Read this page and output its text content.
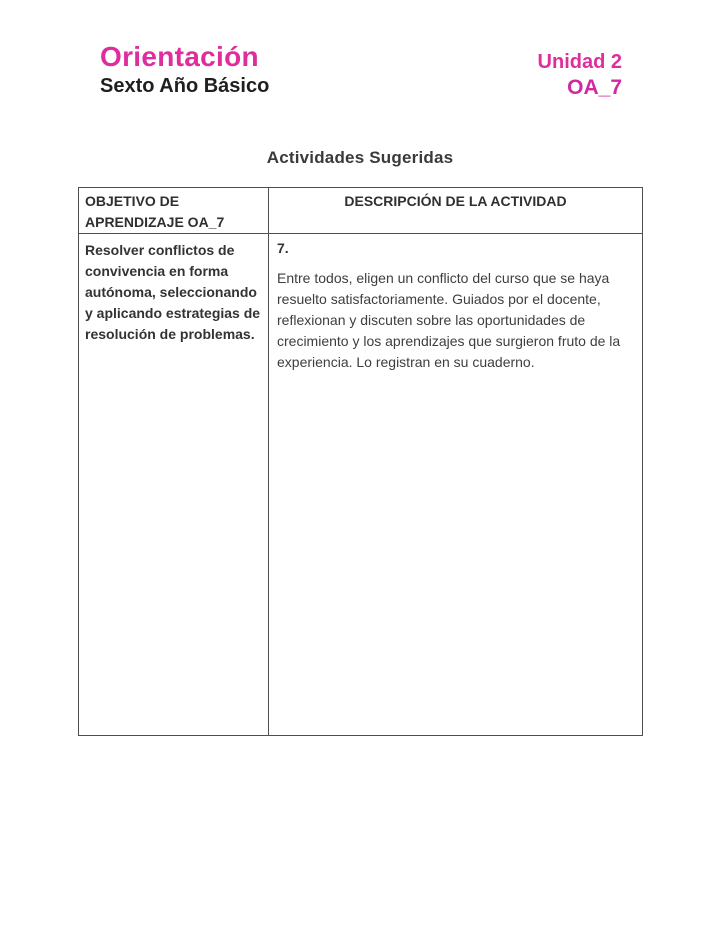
Orientación
Sexto Año Básico
Unidad 2
OA_7
Actividades Sugeridas
OBJETIVO DE APRENDIZAJE OA_7	DESCRIPCIÓN DE LA ACTIVIDAD
Resolver conflictos de convivencia en forma autónoma, seleccionando y aplicando estrategias de resolución de problemas.	7.

Entre todos, eligen un conflicto del curso que se haya resuelto satisfactoriamente. Guiados por el docente, reflexionan y discuten sobre las oportunidades de crecimiento y los aprendizajes que surgieron fruto de la experiencia. Lo registran en su cuaderno.
